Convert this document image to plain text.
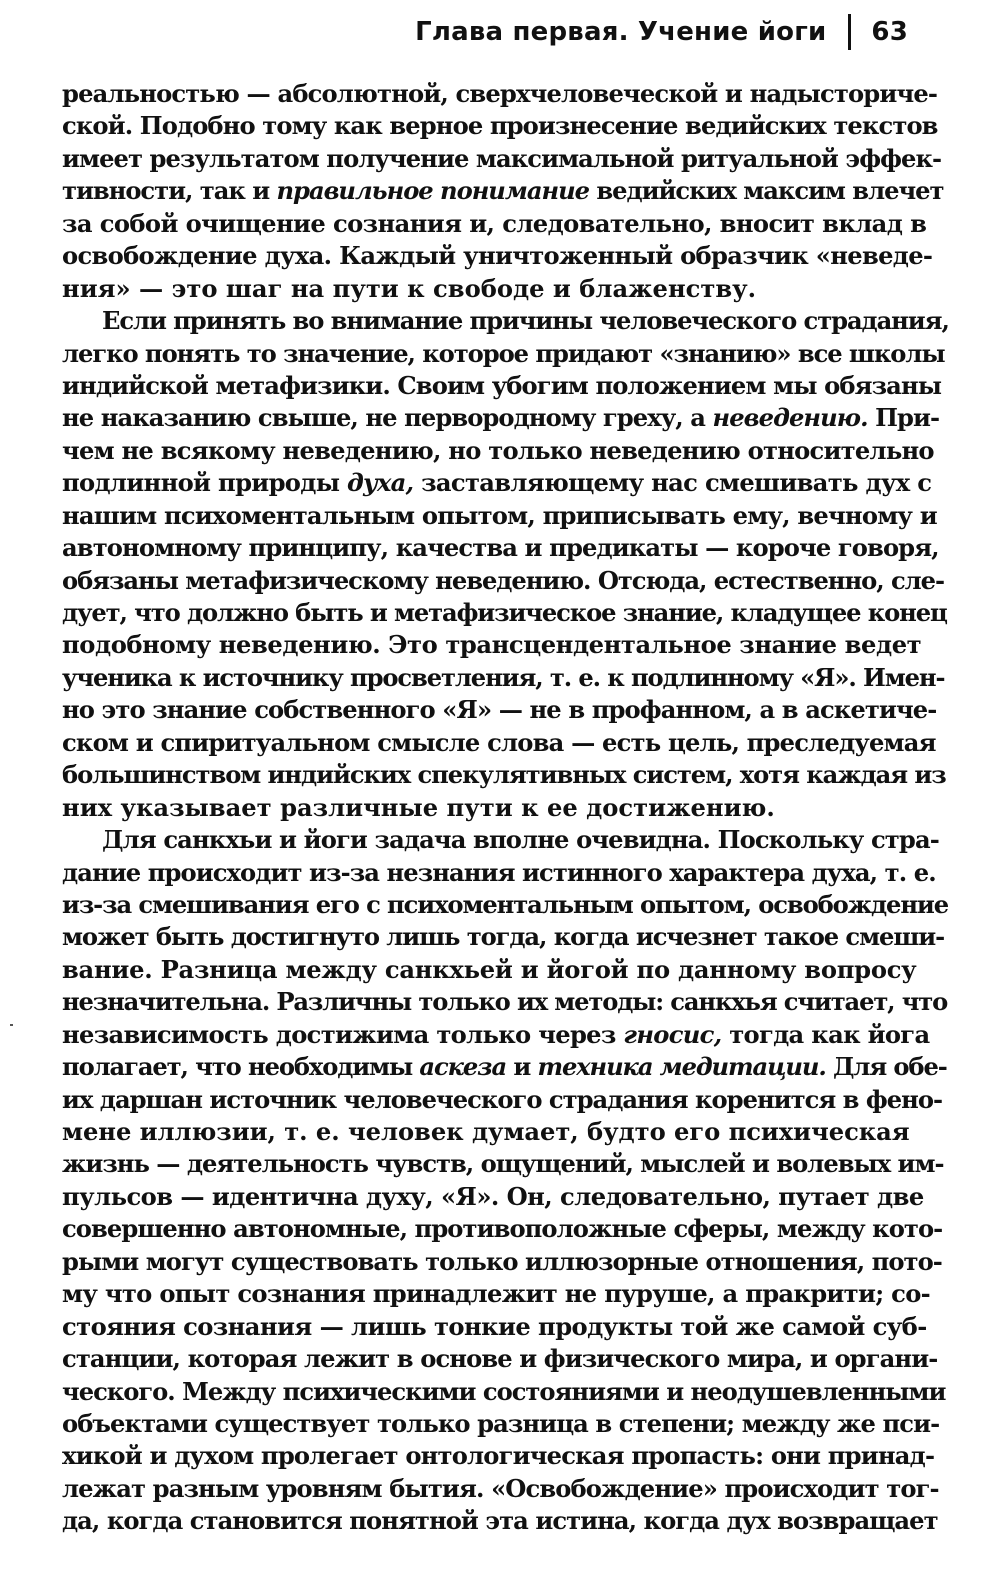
Глава первая. Учение йоги 63

реальностью — абсолютной, сверхчеловеческой и надысториче-
ской. Подобно тому как верное произнесение ведийских текстов
имеет результатом получение максимальной ритуальной эффек-
тивности, так и правильное понимание ведийских максим влечет
за собой очищение сознания и, следовательно, вносит вклад в
освобождение духа. Каждый уничтоженный образчик «неведе-
ния» — это шаг на пути к свободе и блаженству.

Если принять во внимание причины человеческого страдания,
легко понять то значение, которое придают «знанию» все школы
индийской метафизики. Своим убогим положением мы обязаны
не наказанию свыше, не первородному греху, а неведению. При-
чем не всякому неведению, но только неведению относительно
подлинной природы духа, заставляющему нас смешивать дух с
нашим психоментальным опытом, приписывать ему, вечному и
автономному принципу, качества и предикаты — короче говоря,
обязаны метафизическому неведению. Отсюда, естественно, сле-
дует, что должно быть и метафизическое знание, кладущее конец
подобному неведению. Это трансцендентальное знание ведет
ученика к источнику просветления, т. е. к подлинному «Я». Имен-
но это знание собственного «Я» — не в профанном, а в аскетиче-
ском и спиритуальном смысле слова — есть цель, преследуемая
большинством индийских спекулятивных систем, хотя каждая из
них указывает различные пути к ее достижению.

Для санкхьи и йоги задача вполне очевидна. Поскольку стра-
дание происходит из-за незнания истинного характера духа, т. е.
из-за смешивания его с психоментальным опытом, освобождение
может быть достигнуто лишь тогда, когда исчезнет такое смеши-
вание. Разница между санкхьей и йогой по данному вопросу
незначительна. Различны только их методы: санкхья считает, что
независимость достижима только через гносис, тогда как йога
полагает, что необходимы аскеза и техника медитации. Для обе-
их даршан источник человеческого страдания коренится в фено-
мене иллюзии, т. е. человек думает, будто его психическая
жизнь — деятельность чувств, ощущений, мыслей и волевых им-
пульсов — идентична духу, «Я». Он, следовательно, путает две
совершенно автономные, противоположные сферы, между кото-
рыми могут существовать только иллюзорные отношения, пото-
му что опыт сознания принадлежит не пуруше, а пракрити; со-
стояния сознания — лишь тонкие продукты той же самой суб-
станции, которая лежит в основе и физического мира, и органи-
ческого. Между психическими состояниями и неодушевленными
объектами существует только разница в степени; между же пси-
хикой и духом пролегает онтологическая пропасть: они принад-
лежат разным уровням бытия. «Освобождение» происходит тог-
да, когда становится понятной эта истина, когда дух возвращает
